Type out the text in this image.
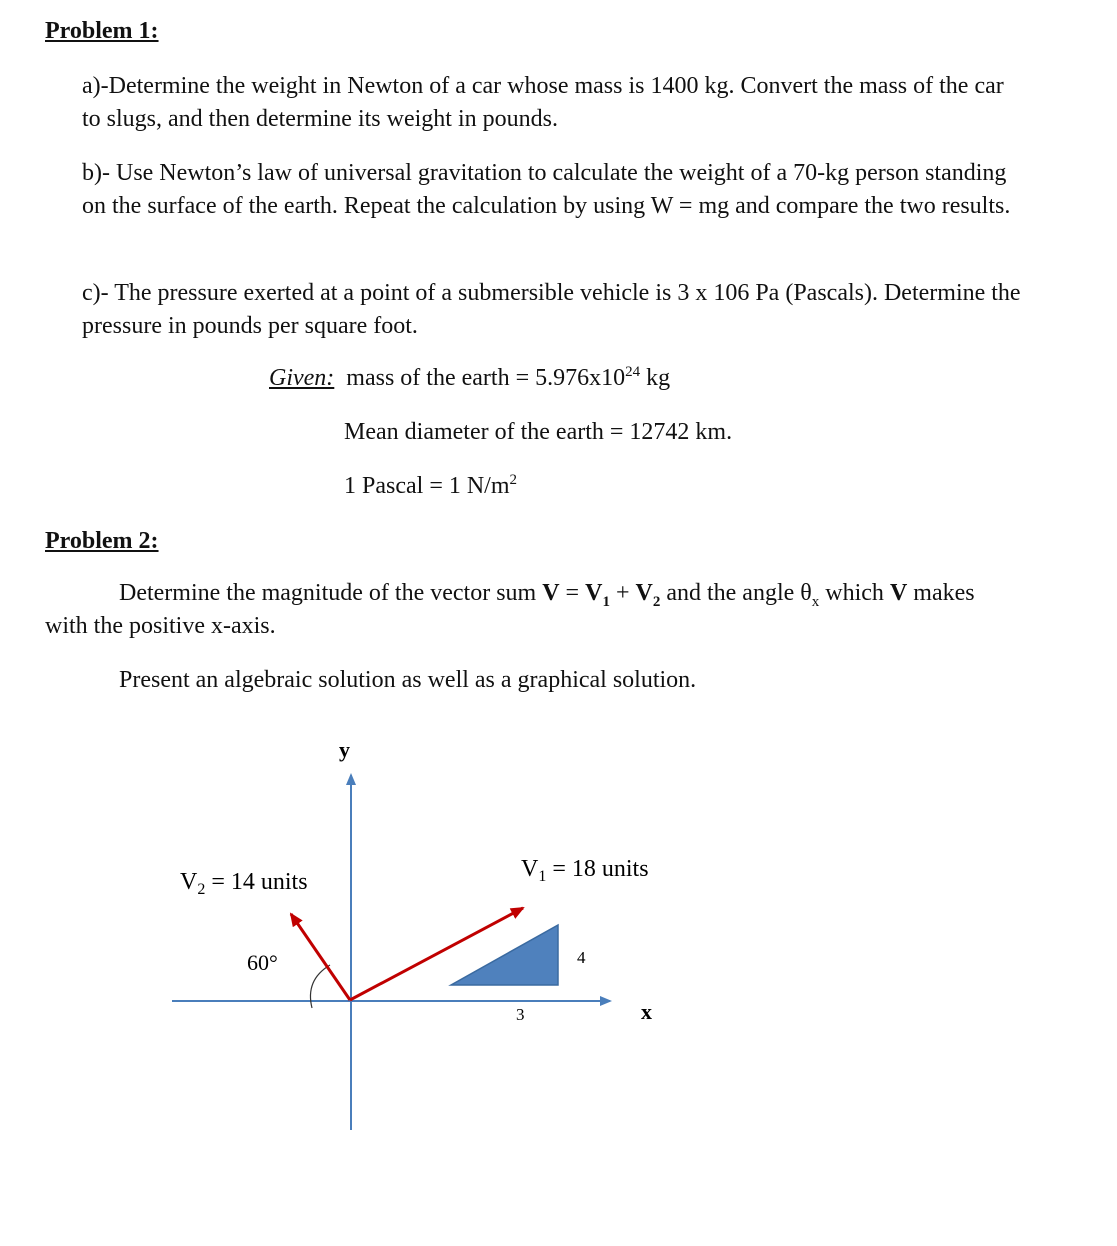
Problem 1:
a)-Determine the weight in Newton of a car whose mass is 1400 kg. Convert the mass of the car to slugs, and then determine its weight in pounds.
b)- Use Newton’s law of universal gravitation to calculate the weight of a 70-kg person standing on the surface of the earth. Repeat the calculation by using W = mg and compare the two results.
c)- The pressure exerted at a point of a submersible vehicle is 3 x 106 Pa (Pascals). Determine the pressure in pounds per square foot.
Given: mass of the earth = $5.976x10^{24}$ kg
Mean diameter of the earth = 12742 km.
1 Pascal = 1 $N/m^2$
Problem 2:
Determine the magnitude of the vector sum $V = V_1 + V_2$ and the angle $\theta_x$ which V makes
with the positive x-axis.
Present an algebraic solution as well as a graphical solution.
y
x
$V_1 = 18$ units
$V_2 = 14$ units
60°
3
4
